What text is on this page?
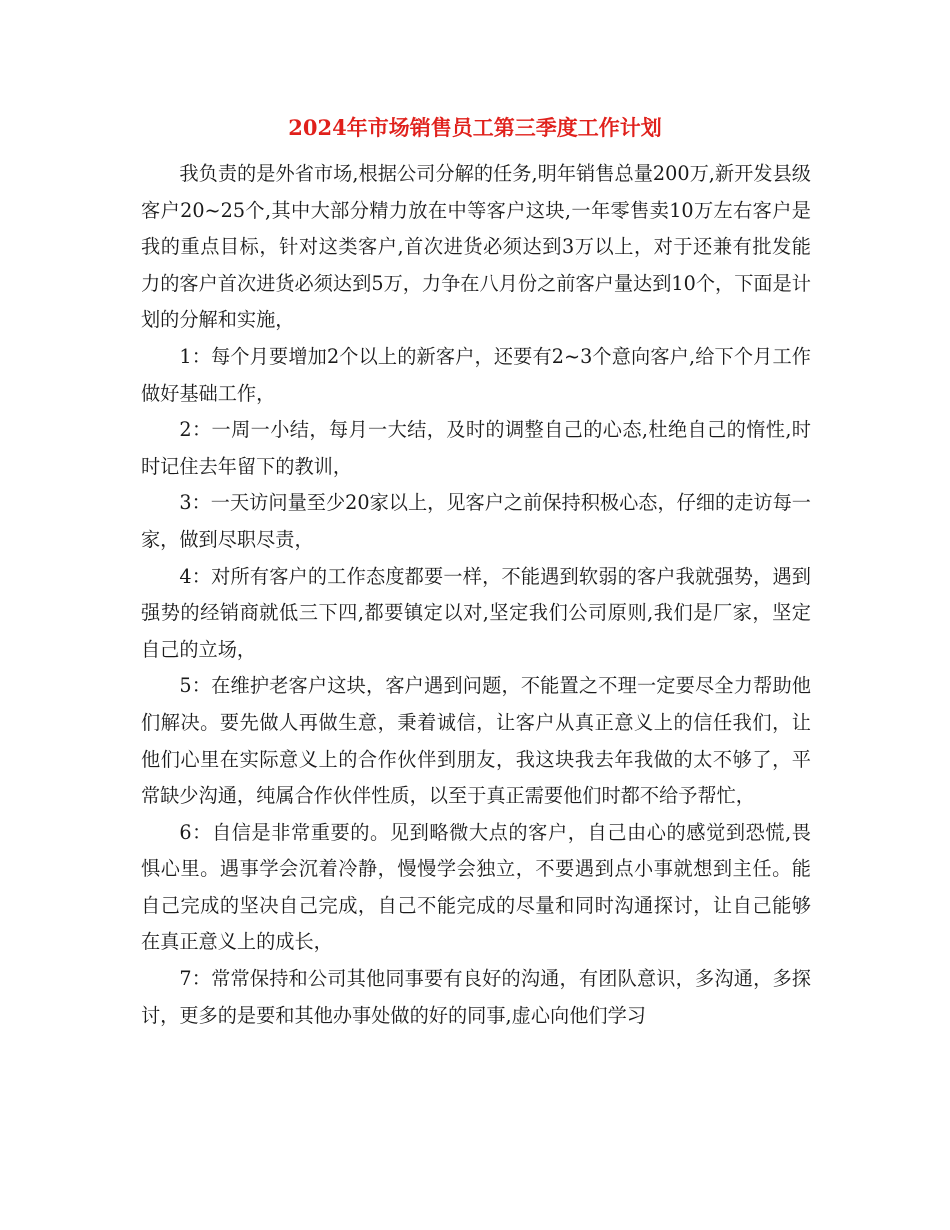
2024年市场销售员工第三季度工作计划

我负责的是外省市场,根据公司分解的任务,明年销售总量200万,新开发县级客户20~25个,其中大部分精力放在中等客户这块,一年零售卖10万左右客户是我的重点目标，针对这类客户,首次进货必须达到3万以上，对于还兼有批发能力的客户首次进货必须达到5万，力争在八月份之前客户量达到10个，下面是计划的分解和实施，

1：每个月要增加2个以上的新客户，还要有2~3个意向客户,给下个月工作做好基础工作，

2：一周一小结，每月一大结，及时的调整自己的心态,杜绝自己的惰性,时时记住去年留下的教训，

3：一天访问量至少20家以上，见客户之前保持积极心态，仔细的走访每一家，做到尽职尽责，

4：对所有客户的工作态度都要一样，不能遇到软弱的客户我就强势，遇到强势的经销商就低三下四,都要镇定以对,坚定我们公司原则,我们是厂家，坚定自己的立场，

5：在维护老客户这块，客户遇到问题，不能置之不理一定要尽全力帮助他们解决。要先做人再做生意，秉着诚信，让客户从真正意义上的信任我们，让他们心里在实际意义上的合作伙伴到朋友，我这块我去年我做的太不够了，平常缺少沟通，纯属合作伙伴性质，以至于真正需要他们时都不给予帮忙，

6：自信是非常重要的。见到略微大点的客户，自己由心的感觉到恐慌,畏惧心里。遇事学会沉着冷静，慢慢学会独立，不要遇到点小事就想到主任。能自己完成的坚决自己完成，自己不能完成的尽量和同时沟通探讨，让自己能够在真正意义上的成长，

7：常常保持和公司其他同事要有良好的沟通，有团队意识，多沟通，多探讨，更多的是要和其他办事处做的好的同事,虚心向他们学习
